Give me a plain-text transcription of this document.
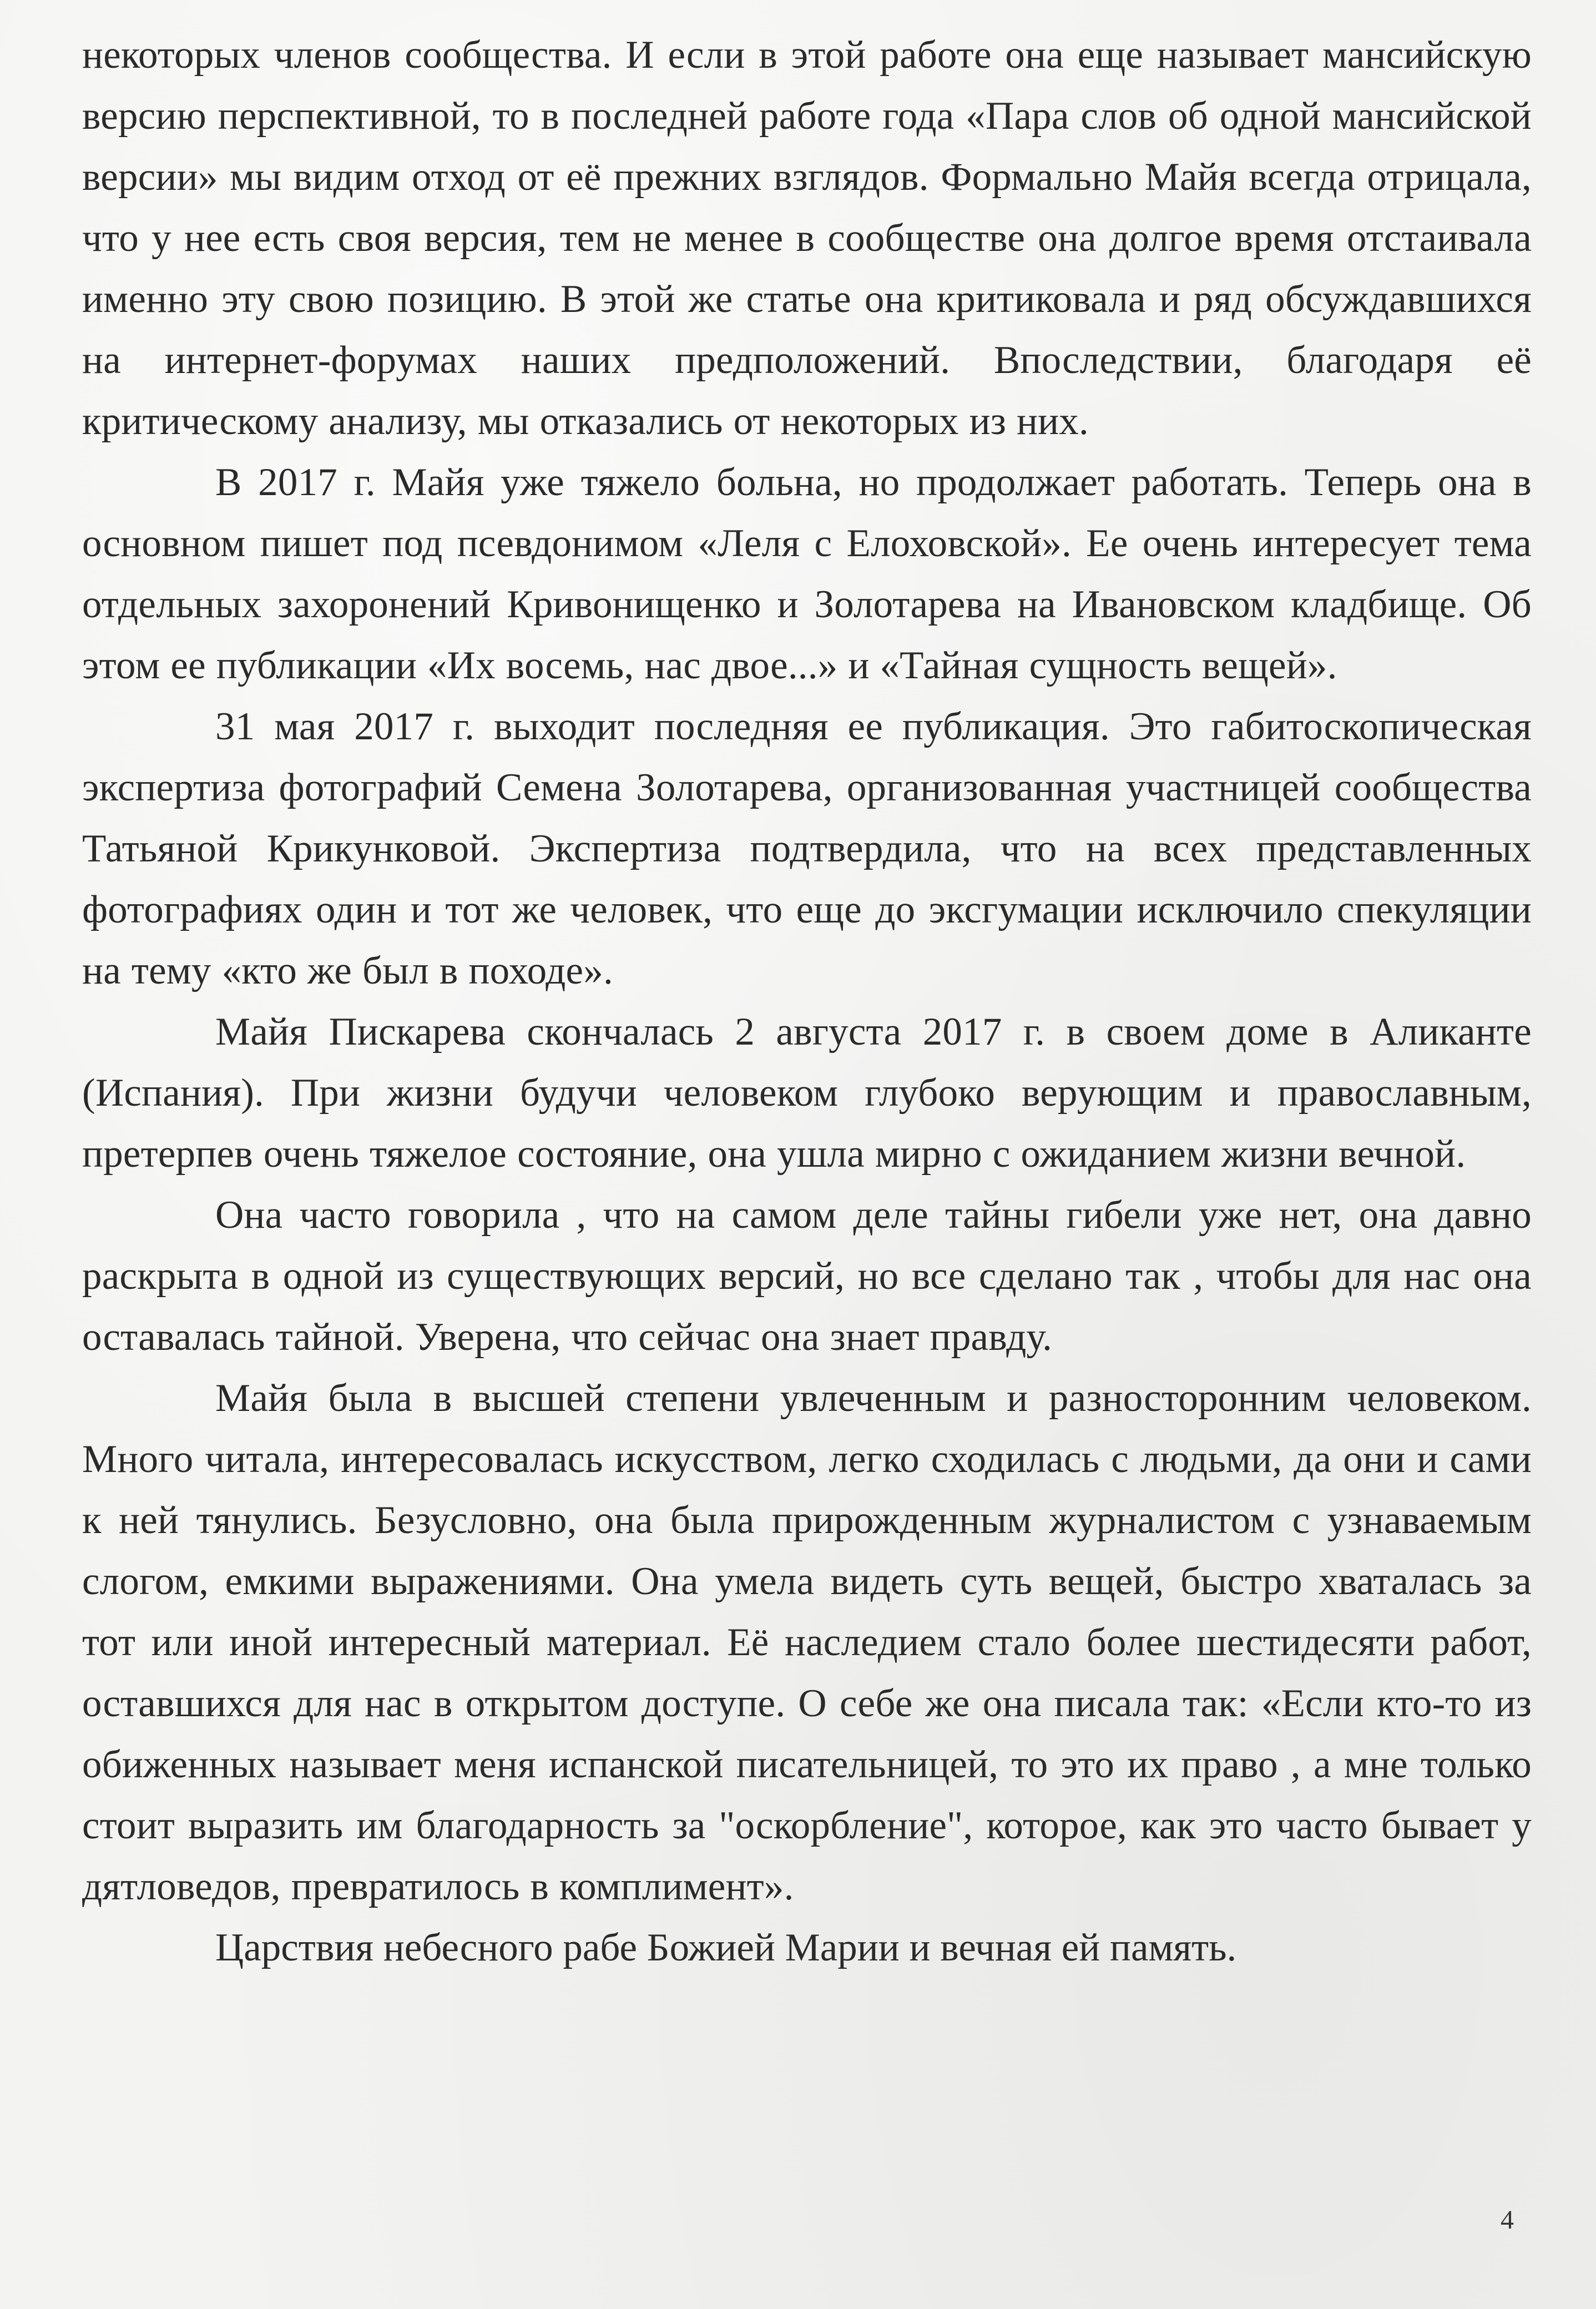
некоторых членов сообщества. И если в этой работе она еще называет мансийскую версию перспективной, то в последней работе года «Пара слов об одной мансийской версии» мы видим отход от её прежних взглядов. Формально Майя всегда отрицала, что у нее есть своя версия, тем не менее в сообществе она долгое время отстаивала именно эту свою позицию. В этой же статье она критиковала и ряд обсуждавшихся на интернет-форумах наших предположений. Впоследствии, благодаря её критическому анализу, мы отказались от некоторых из них.

В 2017 г. Майя уже тяжело больна, но продолжает работать. Теперь она в основном пишет под псевдонимом «Леля с Елоховской». Ее очень интересует тема отдельных захоронений Кривонищенко и Золотарева на Ивановском кладбище. Об этом ее публикации «Их восемь, нас двое...» и «Тайная сущность вещей».

31 мая 2017 г. выходит последняя ее публикация. Это габитоскопическая экспертиза фотографий Семена Золотарева, организованная участницей сообщества Татьяной Крикунковой. Экспертиза подтвердила, что на всех представленных фотографиях один и тот же человек, что еще до эксгумации исключило спекуляции на тему «кто же был в походе».

Майя Пискарева скончалась 2 августа 2017 г. в своем доме в Аликанте (Испания). При жизни будучи человеком глубоко верующим и православным, претерпев очень тяжелое состояние, она ушла мирно с ожиданием жизни вечной.

Она часто говорила , что на самом деле тайны гибели уже нет, она давно раскрыта в одной из существующих версий, но все сделано так , чтобы для нас она оставалась тайной. Уверена, что сейчас она знает правду.

Майя была в высшей степени увлеченным и разносторонним человеком. Много читала, интересовалась искусством, легко сходилась с людьми, да они и сами к ней тянулись. Безусловно, она была прирожденным журналистом с узнаваемым слогом, емкими выражениями. Она умела видеть суть вещей, быстро хваталась за тот или иной интересный материал. Её наследием стало более шестидесяти работ, оставшихся для нас в открытом доступе. О себе же она писала так: «Если кто-то из обиженных называет меня испанской писательницей, то это их право , а мне только стоит выразить им благодарность за "оскорбление", которое, как это часто бывает у дятловедов, превратилось в комплимент».

Царствия небесного рабе Божией Марии и вечная ей память.

4
